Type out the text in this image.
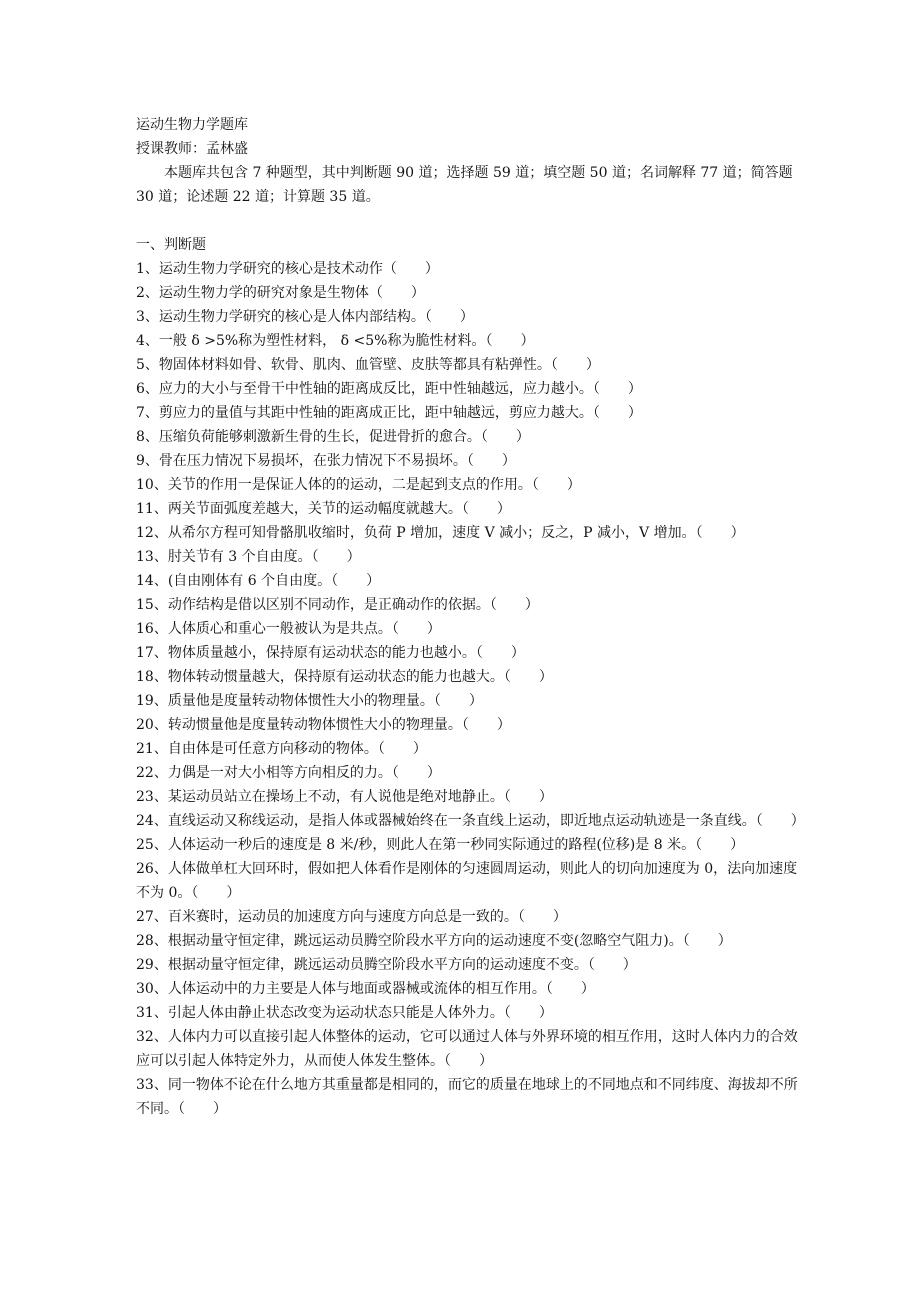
运动生物力学题库

授课教师：孟林盛

本题库共包含 7 种题型，其中判断题 90 道；选择题 59 道；填空题 50 道；名词解释 77 道；简答题 30 道；论述题 22 道；计算题 35 道。

一、判断题

1、运动生物力学研究的核心是技术动作（　　）

2、运动生物力学的研究对象是生物体（　　）

3、运动生物力学研究的核心是人体内部结构。（　　）

4、一般 δ >5%称为塑性材料， δ <5%称为脆性材料。（　　）

5、物固体材料如骨、软骨、肌肉、血管壁、皮肤等都具有粘弹性。（　　）

6、应力的大小与至骨干中性轴的距离成反比，距中性轴越远，应力越小。（　　）

7、剪应力的量值与其距中性轴的距离成正比，距中轴越远，剪应力越大。（　　）

8、压缩负荷能够刺激新生骨的生长，促进骨折的愈合。（　　）

9、骨在压力情况下易损坏，在张力情况下不易损坏。（　　）

10、关节的作用一是保证人体的的运动，二是起到支点的作用。（　　）

11、两关节面弧度差越大，关节的运动幅度就越大。（　　）

12、从希尔方程可知骨骼肌收缩时，负荷 P 增加，速度 V 减小；反之，P 减小，V 增加。（　　）

13、肘关节有 3 个自由度。（　　）

14、(自由刚体有 6 个自由度。（　　）

15、动作结构是借以区别不同动作，是正确动作的依据。（　　）

16、人体质心和重心一般被认为是共点。（　　）

17、物体质量越小，保持原有运动状态的能力也越小。（　　）

18、物体转动惯量越大，保持原有运动状态的能力也越大。（　　）

19、质量他是度量转动物体惯性大小的物理量。（　　）

20、转动惯量他是度量转动物体惯性大小的物理量。（　　）

21、自由体是可任意方向移动的物体。（　　）

22、力偶是一对大小相等方向相反的力。（　　）

23、某运动员站立在操场上不动，有人说他是绝对地静止。（　　）

24、直线运动又称线运动，是指人体或器械始终在一条直线上运动，即近地点运动轨迹是一条直线。（　　）

25、人体运动一秒后的速度是 8 米/秒，则此人在第一秒同实际通过的路程(位移)是 8 米。（　　）

26、人体做单杠大回环时，假如把人体看作是刚体的匀速圆周运动，则此人的切向加速度为 0，法向加速度不为 0。（　　）

27、百米赛时，运动员的加速度方向与速度方向总是一致的。（　　）

28、根据动量守恒定律，跳远运动员腾空阶段水平方向的运动速度不变(忽略空气阻力)。（　　）

29、根据动量守恒定律，跳远运动员腾空阶段水平方向的运动速度不变。（　　）

30、人体运动中的力主要是人体与地面或器械或流体的相互作用。（　　）

31、引起人体由静止状态改变为运动状态只能是人体外力。（　　）

32、人体内力可以直接引起人体整体的运动，它可以通过人体与外界环境的相互作用，这时人体内力的合效应可以引起人体特定外力，从而使人体发生整体。（　　）

33、同一物体不论在什么地方其重量都是相同的，而它的质量在地球上的不同地点和不同纬度、海拔却不所不同。（　　）
